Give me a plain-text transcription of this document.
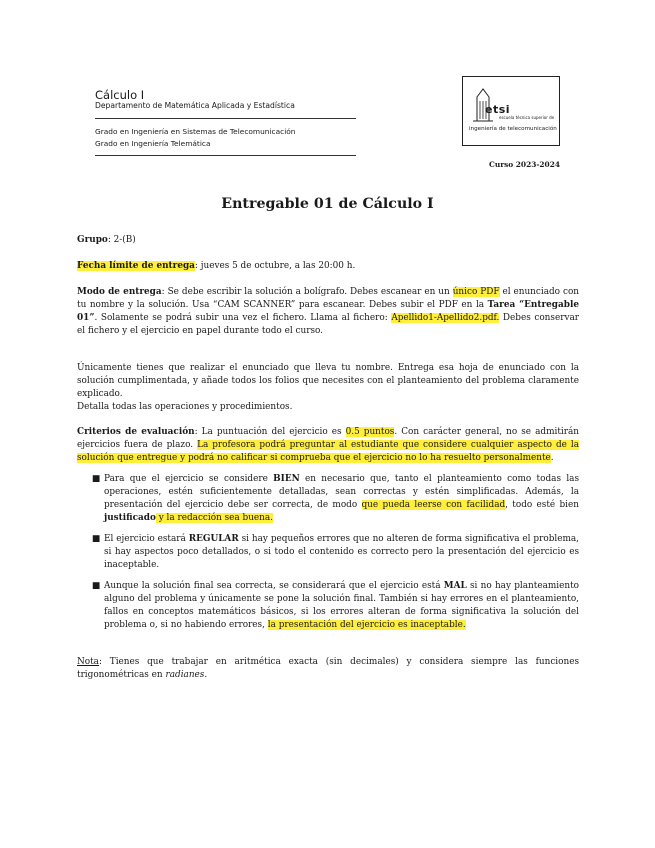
Cálculo I
Departamento de Matemática Aplicada y Estadística
Grado en Ingeniería en Sistemas de Telecomunicación
Grado en Ingeniería Telemática
etsi
escuela técnica superior de
ingeniería de telecomunicación
Curso 2023-2024
Entregable 01 de Cálculo I
Grupo: 2-(B)
Fecha límite de entrega: jueves 5 de octubre, a las 20:00 h.
Modo de entrega: Se debe escribir la solución a bolígrafo. Debes escanear en un único PDF el enunciado con tu nombre y la solución. Usa “CAM SCANNER” para escanear. Debes subir el PDF en la Tarea “Entregable 01”. Solamente se podrá subir una vez el fichero. Llama al fichero: Apellido1-Apellido2.pdf. Debes conservar el fichero y el ejercicio en papel durante todo el curso.
Únicamente tienes que realizar el enunciado que lleva tu nombre. Entrega esa hoja de enunciado con la solución cumplimentada, y añade todos los folios que necesites con el planteamiento del problema claramente explicado.
Detalla todas las operaciones y procedimientos.
Criterios de evaluación: La puntuación del ejercicio es 0.5 puntos. Con carácter general, no se admitirán ejercicios fuera de plazo. La profesora podrá preguntar al estudiante que considere cualquier aspecto de la solución que entregue y podrá no calificar si comprueba que el ejercicio no lo ha resuelto personalmente.
■ Para que el ejercicio se considere BIEN en necesario que, tanto el planteamiento como todas las operaciones, estén suficientemente detalladas, sean correctas y estén simplificadas. Además, la presentación del ejercicio debe ser correcta, de modo que pueda leerse con facilidad, todo esté bien justificado y la redacción sea buena.
■ El ejercicio estará REGULAR si hay pequeños errores que no alteren de forma significativa el problema, si hay aspectos poco detallados, o si todo el contenido es correcto pero la presentación del ejercicio es inaceptable.
■ Aunque la solución final sea correcta, se considerará que el ejercicio está MAL si no hay planteamiento alguno del problema y únicamente se pone la solución final. También si hay errores en el planteamiento, fallos en conceptos matemáticos básicos, si los errores alteran de forma significativa la solución del problema o, si no habiendo errores, la presentación del ejercicio es inaceptable.
Nota: Tienes que trabajar en aritmética exacta (sin decimales) y considera siempre las funciones trigonométricas en radianes.
